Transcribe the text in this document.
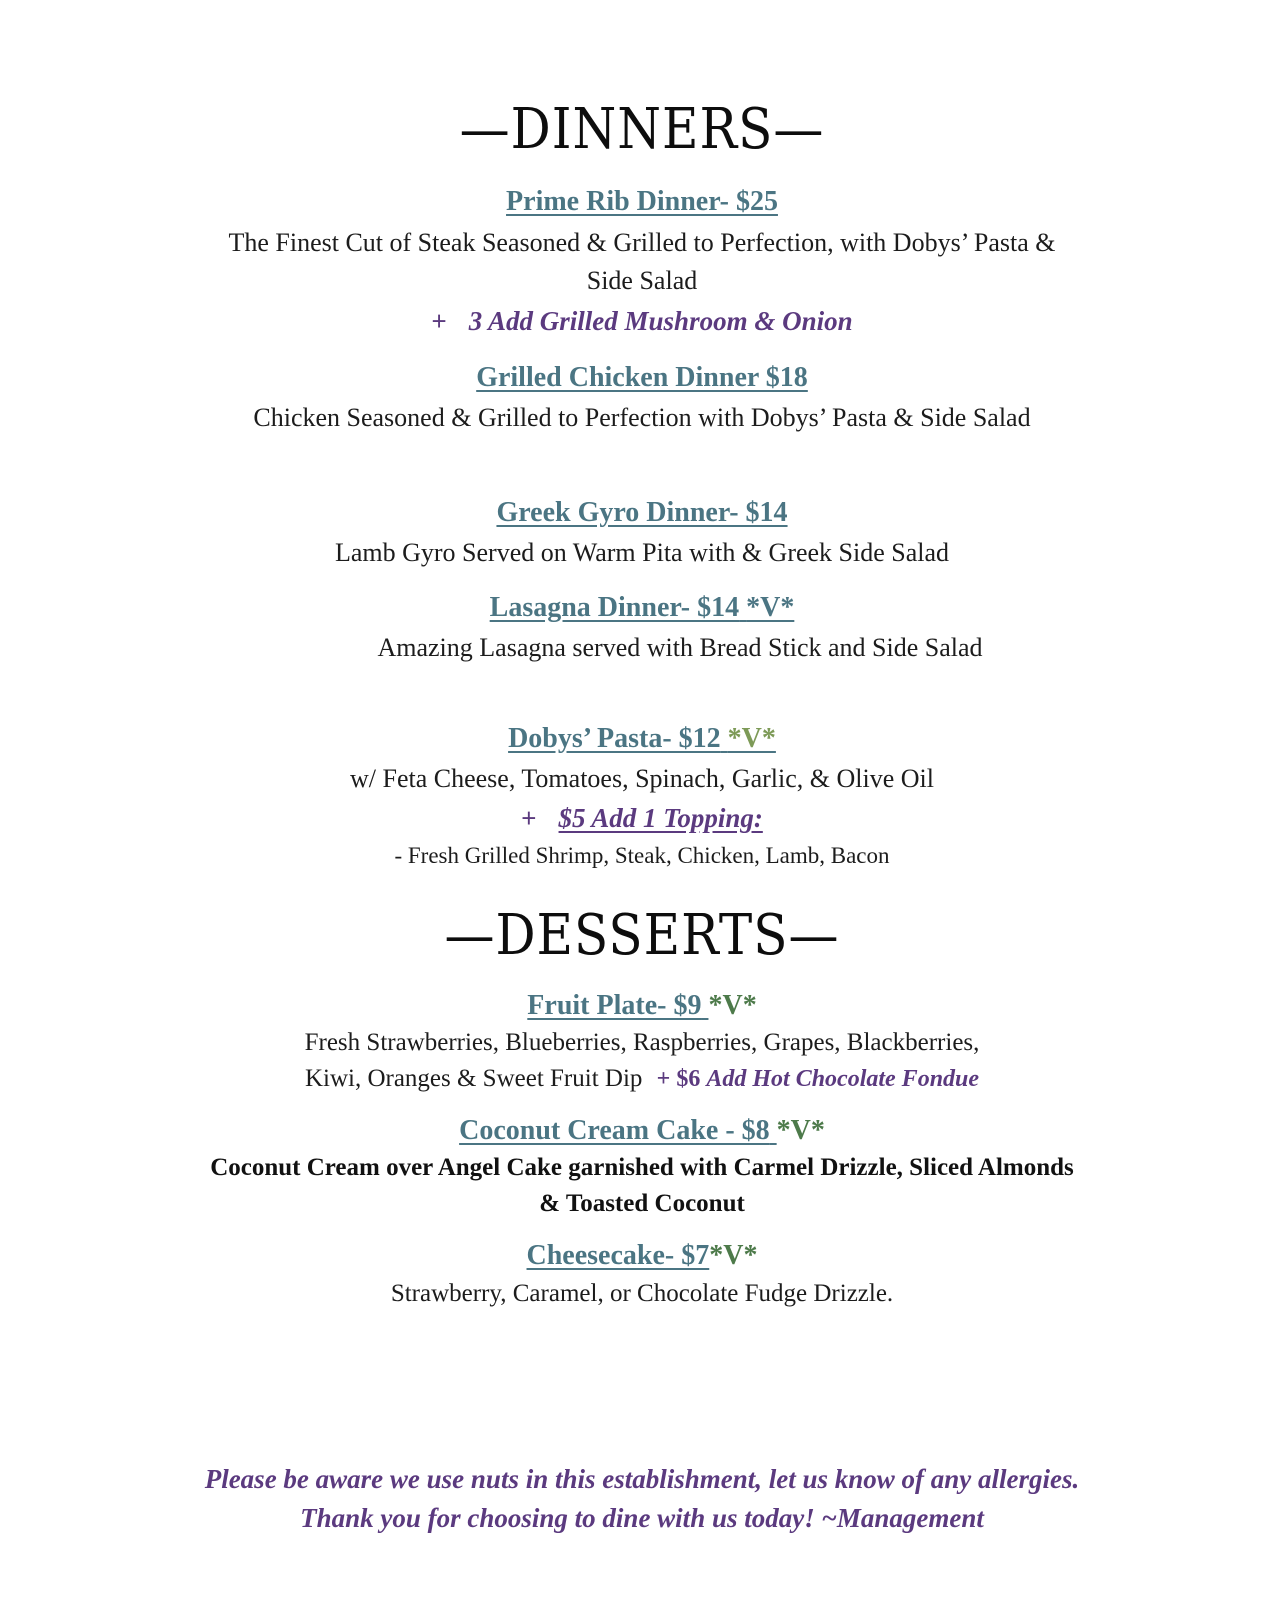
—DINNERS—
Prime Rib Dinner- $25
The Finest Cut of Steak Seasoned & Grilled to Perfection, with Dobys’ Pasta &
Side Salad
+ 3 Add Grilled Mushroom & Onion
Grilled Chicken Dinner $18
Chicken Seasoned & Grilled to Perfection with Dobys’ Pasta & Side Salad
Greek Gyro Dinner- $14
Lamb Gyro Served on Warm Pita with & Greek Side Salad
Lasagna Dinner- $14 *V*
Amazing Lasagna served with Bread Stick and Side Salad
Dobys’ Pasta- $12 *V*
w/ Feta Cheese, Tomatoes, Spinach, Garlic, & Olive Oil
+ $5 Add 1 Topping:
- Fresh Grilled Shrimp, Steak, Chicken, Lamb, Bacon
—DESSERTS—
Fruit Plate- $9 *V*
Fresh Strawberries, Blueberries, Raspberries, Grapes, Blackberries,
Kiwi, Oranges & Sweet Fruit Dip + $6 Add Hot Chocolate Fondue
Coconut Cream Cake - $8 *V*
Coconut Cream over Angel Cake garnished with Carmel Drizzle, Sliced Almonds
& Toasted Coconut
Cheesecake- $7*V*
Strawberry, Caramel, or Chocolate Fudge Drizzle.
Please be aware we use nuts in this establishment, let us know of any allergies.
Thank you for choosing to dine with us today! ~Management
